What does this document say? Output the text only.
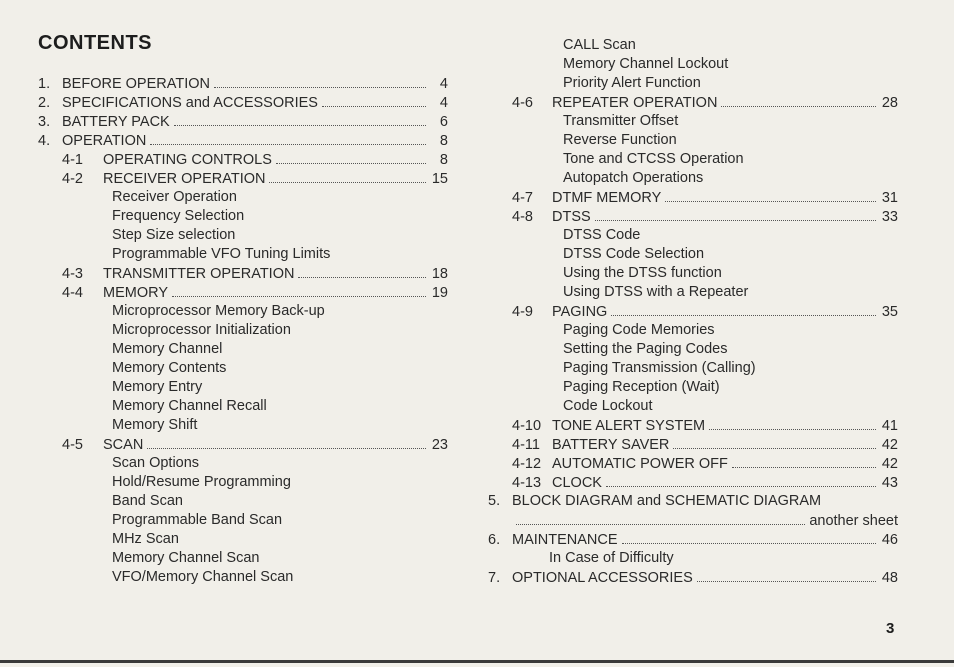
CONTENTS
1. BEFORE OPERATION	4
2. SPECIFICATIONS and ACCESSORIES	4
3. BATTERY PACK	6
4. OPERATION	8
4-1	OPERATING CONTROLS	8
4-2	RECEIVER OPERATION	15
Receiver Operation
Frequency Selection
Step Size selection
Programmable VFO Tuning Limits
4-3	TRANSMITTER OPERATION	18
4-4	MEMORY	19
Microprocessor Memory Back-up
Microprocessor Initialization
Memory Channel
Memory Contents
Memory Entry
Memory Channel Recall
Memory Shift
4-5	SCAN	23
Scan Options
Hold/Resume Programming
Band Scan
Programmable Band Scan
MHz Scan
Memory Channel Scan
VFO/Memory Channel Scan
CALL Scan
Memory Channel Lockout
Priority Alert Function
4-6	REPEATER OPERATION	28
Transmitter Offset
Reverse Function
Tone and CTCSS Operation
Autopatch Operations
4-7	DTMF MEMORY	31
4-8	DTSS	33
DTSS Code
DTSS Code Selection
Using the DTSS function
Using DTSS with a Repeater
4-9	PAGING	35
Paging Code Memories
Setting the Paging Codes
Paging Transmission (Calling)
Paging Reception (Wait)
Code Lockout
4-10 TONE ALERT SYSTEM	41
4-11 BATTERY SAVER	42
4-12 AUTOMATIC POWER OFF	42
4-13 CLOCK	43
5. BLOCK DIAGRAM and SCHEMATIC DIAGRAM
another sheet
6. MAINTENANCE	46
In Case of Difficulty
7. OPTIONAL ACCESSORIES	48
3
